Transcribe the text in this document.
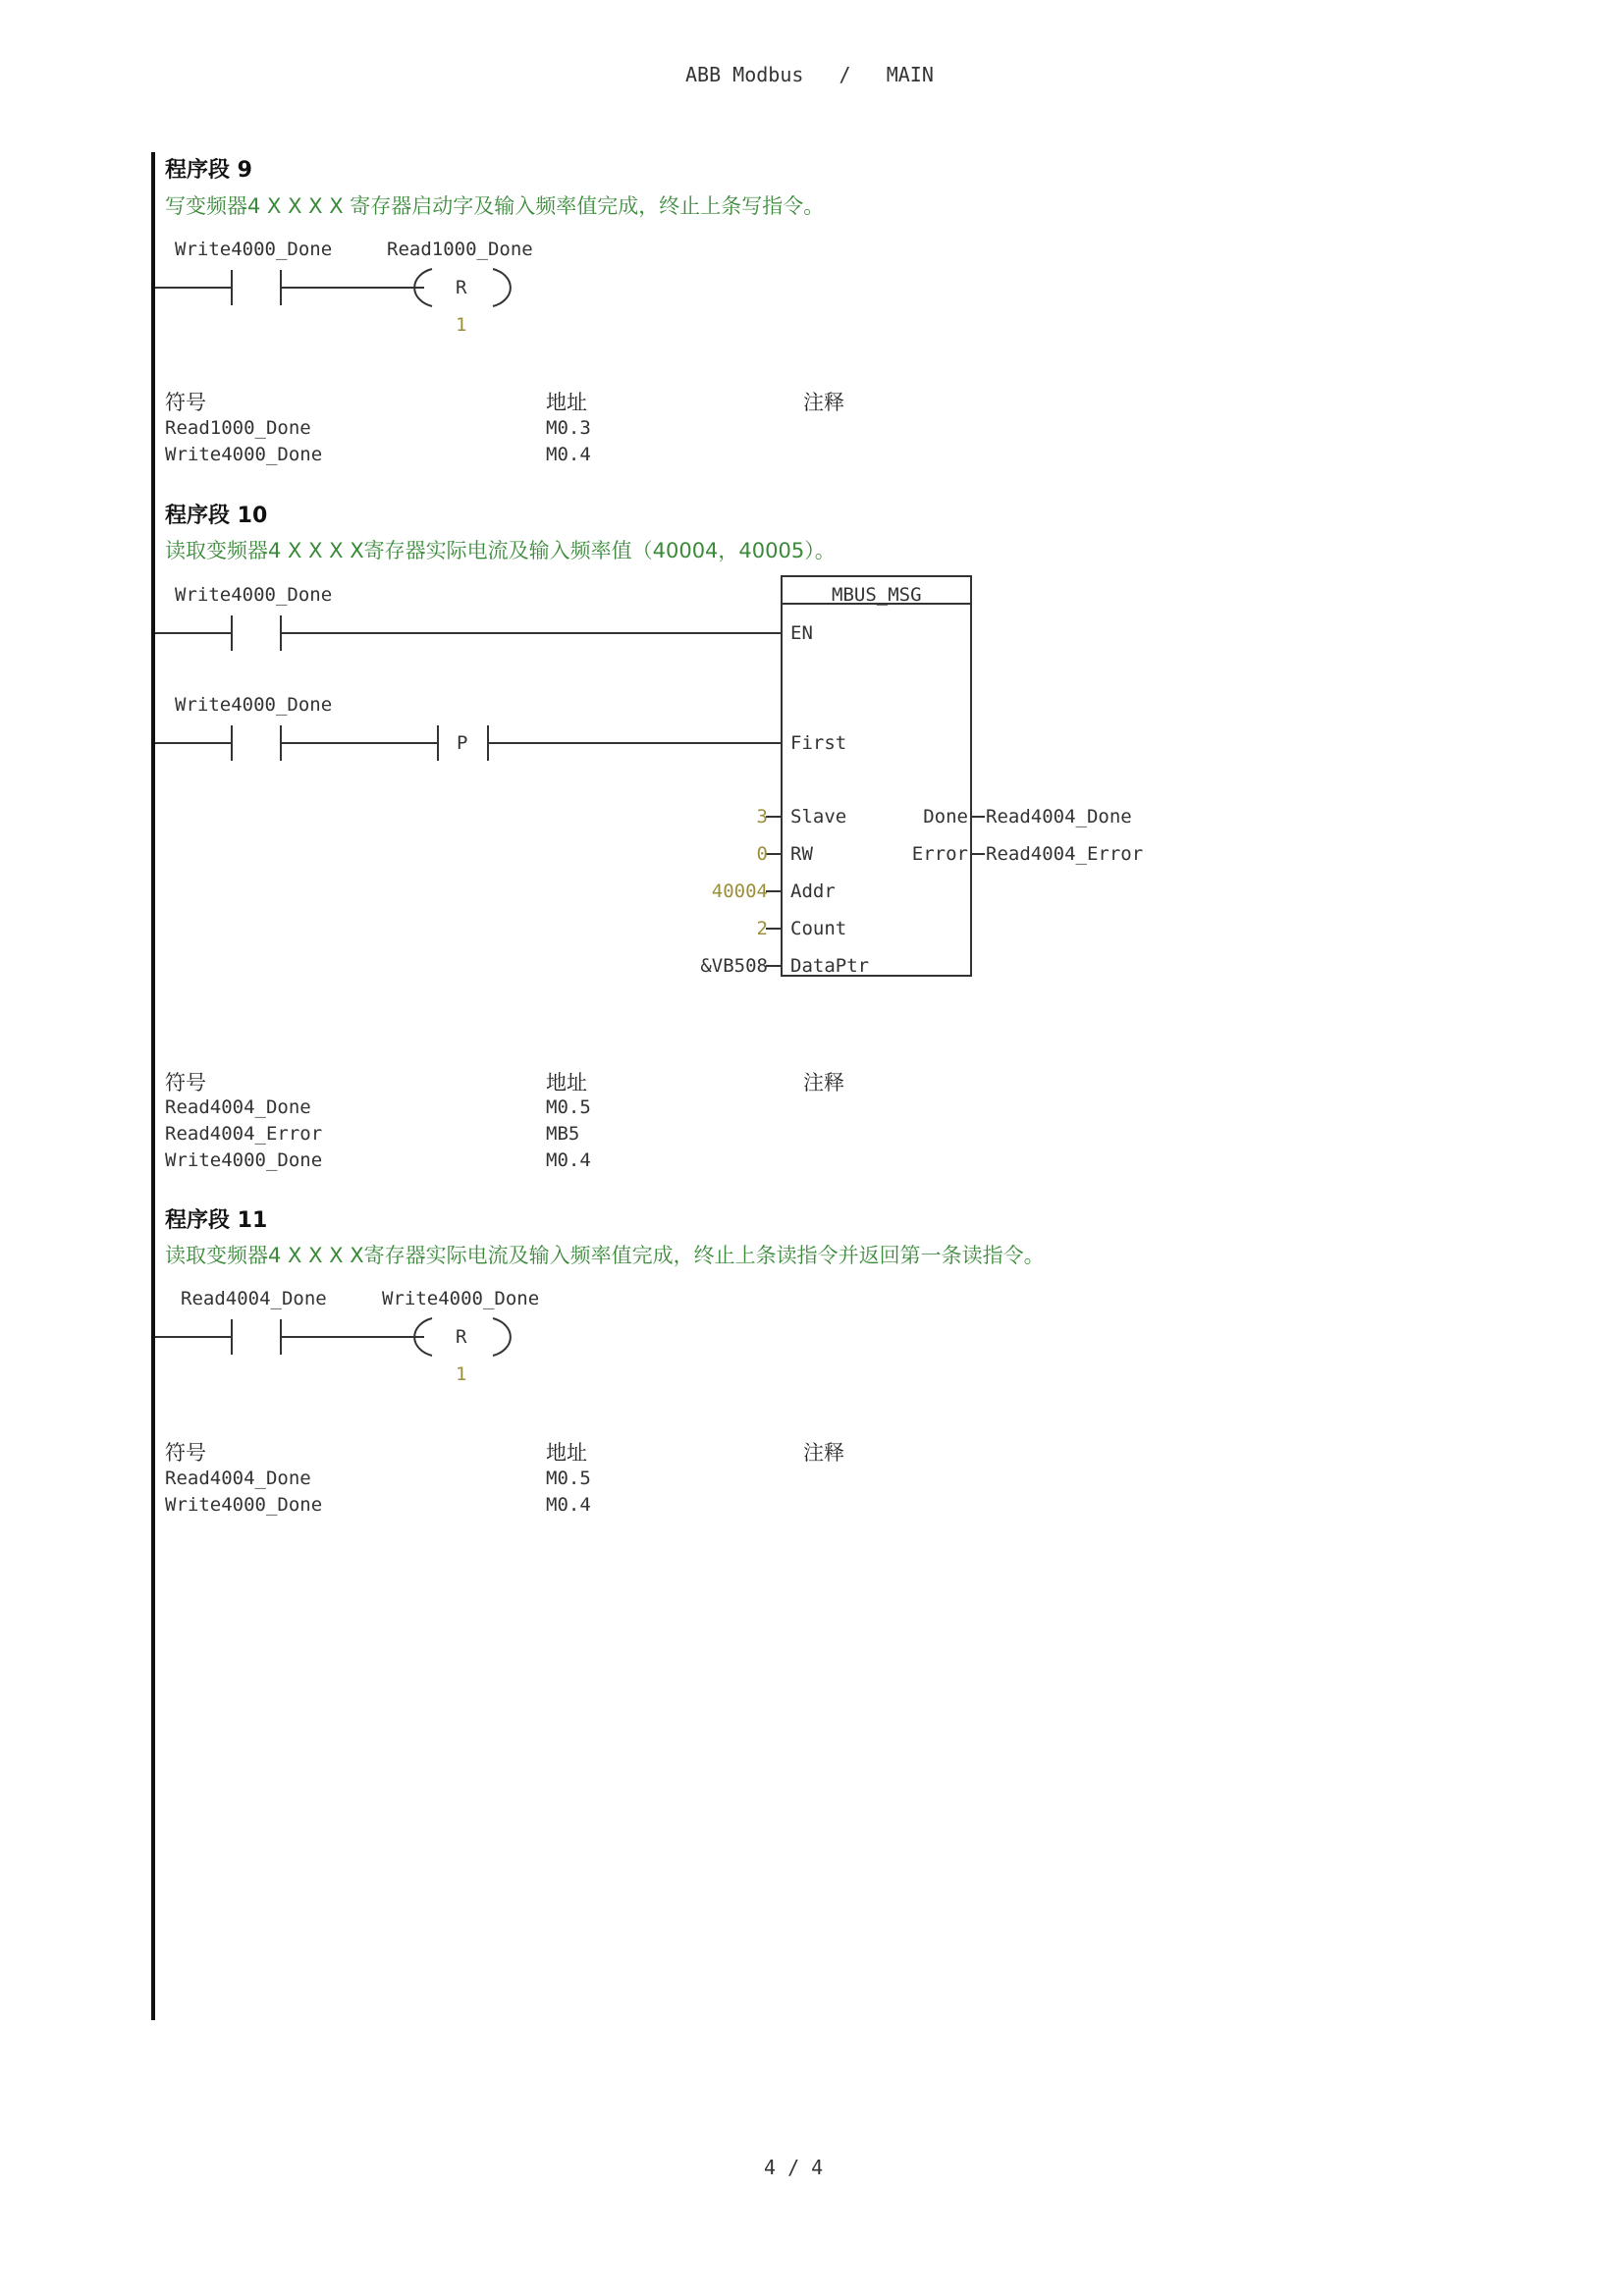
ABB Modbus / MAIN
程序段 9
写变频器4 X X X X 寄存器启动字及输入频率值完成，终止上条写指令。
Write4000_Done	Read1000_Done
R
1
符号	地址	注释
Read1000_Done	M0.3
Write4000_Done	M0.4
程序段 10
读取变频器4 X X X X寄存器实际电流及输入频率值（40004，40005）。
Write4000_Done
Write4000_Done
P
MBUS_MSG
EN
First
Slave
RW
Addr
Count
DataPtr
3
0
40004
2
&VB508
Done
Error
Read4004_Done
Read4004_Error
符号	地址	注释
Read4004_Done	M0.5
Read4004_Error	MB5
Write4000_Done	M0.4
程序段 11
读取变频器4 X X X X寄存器实际电流及输入频率值完成，终止上条读指令并返回第一条读指令。
Read4004_Done	Write4000_Done
R
1
符号	地址	注释
Read4004_Done	M0.5
Write4000_Done	M0.4
4 / 4
